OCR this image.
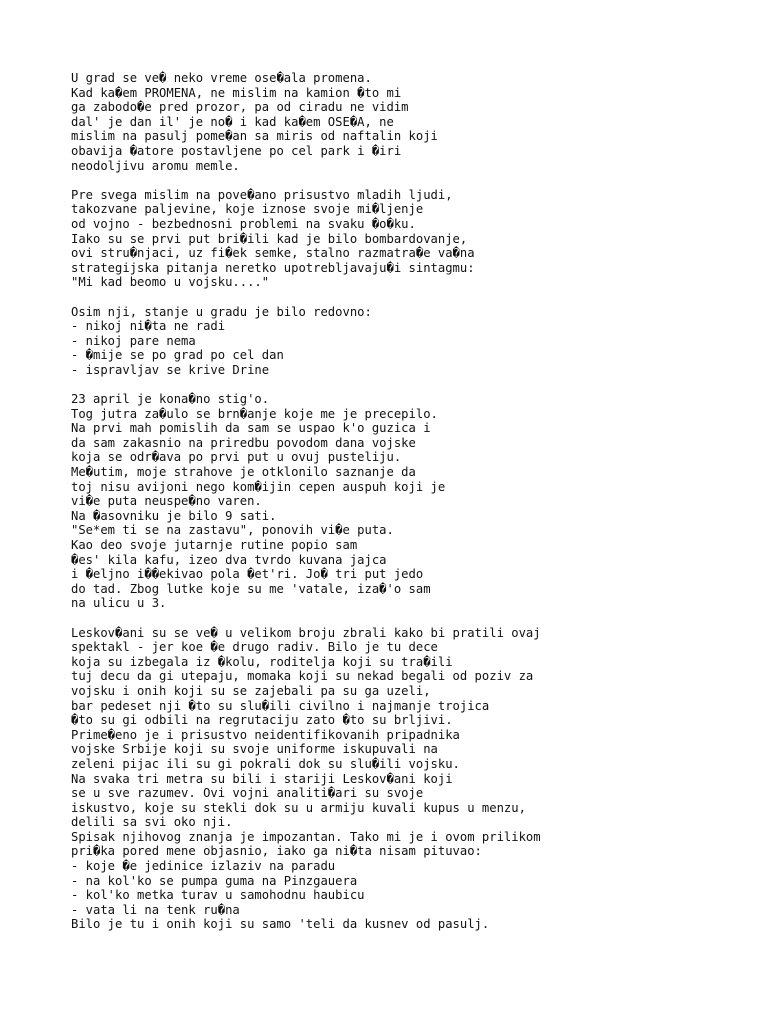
U grad se ve� neko vreme ose�ala promena.
Kad ka�em PROMENA, ne mislim na kamion �to mi
ga zabodo�e pred prozor, pa od ciradu ne vidim
dal' je dan il' je no� i kad ka�em OSE�A, ne
mislim na pasulj pome�an sa miris od naftalin koji
obavija �atore postavljene po cel park i �iri
neodoljivu aromu memle.
Pre svega mislim na pove�ano prisustvo mladih ljudi,
takozvane paljevine, koje iznose svoje mi�ljenje
od vojno - bezbednosni problemi na svaku �o�ku.
Iako su se prvi put bri�ili kad je bilo bombardovanje,
ovi stru�njaci, uz fi�ek semke, stalno razmatra�e va�na
strategijska pitanja neretko upotrebljavaju�i sintagmu:
"Mi kad beomo u vojsku...."
Osim nji, stanje u gradu je bilo redovno:
- nikoj ni�ta ne radi
- nikoj pare nema
- �mije se po grad po cel dan
- ispravljav se krive Drine
23 april je kona�no stig'o.
Tog jutra za�ulo se brn�anje koje me je precepilo.
Na prvi mah pomislih da sam se uspao k'o guzica i
da sam zakasnio na priredbu povodom dana vojske
koja se odr�ava po prvi put u ovuj pusteliju.
Me�utim, moje strahove je otklonilo saznanje da
toj nisu avijoni nego kom�ijin cepen auspuh koji je
vi�e puta neuspe�no varen.
Na �asovniku je bilo 9 sati.
"Se*em ti se na zastavu", ponovih vi�e puta.
Kao deo svoje jutarnje rutine popio sam
�es' kila kafu, izeo dva tvrdo kuvana jajca
i �eljno i��ekivao pola �et'ri. Jo� tri put jedo
do tad. Zbog lutke koje su me 'vatale, iza�'o sam
na ulicu u 3.
Leskov�ani su se ve� u velikom broju zbrali kako bi pratili ovaj
spektakl - jer koe �e drugo radiv. Bilo je tu dece
koja su izbegala iz �kolu, roditelja koji su tra�ili
tuj decu da gi utepaju, momaka koji su nekad begali od poziv za
vojsku i onih koji su se zajebali pa su ga uzeli,
bar pedeset nji �to su slu�ili civilno i najmanje trojica
�to su gi odbili na regrutaciju zato �to su brljivi.
Prime�eno je i prisustvo neidentifikovanih pripadnika
vojske Srbije koji su svoje uniforme iskupuvali na
zeleni pijac ili su gi pokrali dok su slu�ili vojsku.
Na svaka tri metra su bili i stariji Leskov�ani koji
se u sve razumev. Ovi vojni analiti�ari su svoje
iskustvo, koje su stekli dok su u armiju kuvali kupus u menzu,
delili sa svi oko nji.
Spisak njihovog znanja je impozantan. Tako mi je i ovom prilikom
pri�ka pored mene objasnio, iako ga ni�ta nisam pituvao:
- koje �e jedinice izlaziv na paradu
- na kol'ko se pumpa guma na Pinzgauera
- kol'ko metka turav u samohodnu haubicu
- vata li na tenk ru�na
Bilo je tu i onih koji su samo 'teli da kusnev od pasulj.
